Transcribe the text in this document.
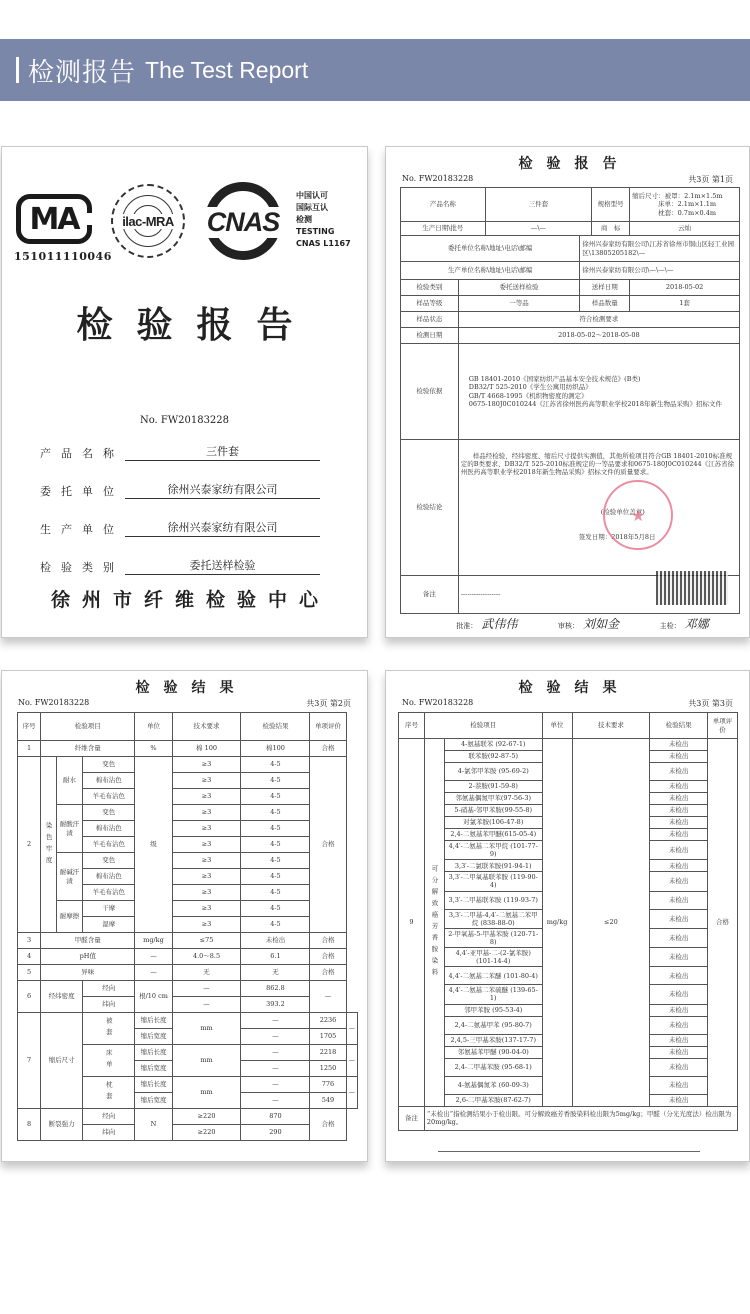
检测报告 The Test Report
MA
151011110046
ilac-MRA CNAS
中国认可
国际互认
检测
TESTING
CNAS L1167
检验报告
No. FW20183228
产品名称	三件套
委托单位	徐州兴泰家纺有限公司
生产单位	徐州兴泰家纺有限公司
检验类别	委托送样检验
徐州市纤维检验中心
检验报告
No. FW20183228	共3页 第1页
产品名称		三件套		规格型号	缩后尺寸：被罩：2.1m×1.5m
床单：2.1m×1.1m
枕套：0.7m×0.4m

生产日期\批号		—\—		商　标	云灿
委托单位名称\地址\电话\邮编			徐州兴泰家纺有限公司\江苏省徐州市铜山区轻工业园区\13805205182\—		
生产单位名称\地址\电话\邮编			徐州兴泰家纺有限公司\—\—\—		
检验类别	委托送样检验		送样日期		2018-05-02
样品等级	一等品		样品数量		1套
样品状态	符合检测要求				
检测日期	2018-05-02～2018-05-08				
检验依据	GB 18401-2010《国家纺织产品基本安全技术规范》(B类)
DB32/T 525-2010《学生公寓用纺织品》
GB/T 4668-1995《机织物密度的测定》
0675-180J0C010244《江苏省徐州医药高等职业学校2018年新生物品采购》招标文件				

检验结论	样品经检验，经纬密度、缩后尺寸提供实测值，其他所检项目符合GB 18401-2010标准规定的B类要求、DB32/T 525-2010标准规定的一等品要求和0675-180J0C010244《江苏省徐州医药高等职业学校2018年新生物品采购》招标文件的质量要求。
(检验单位盖章)
签发日期：2018年5月8日				

备注	------------------				
★
批准： 武伟伟	审核： 刘如金	主检： 邓娜
检验结果
No. FW20183228	共3页 第2页
序号	检验项目			单位	技术要求	检验结果	单项评价	
1	纤维含量			%	棉 100	棉100	合格	
2	染色牢度	耐水	变色	级	≥3	4-5	合格	
			棉布沾色		≥3	4-5		
			羊毛布沾色		≥3	4-5		
		耐酸汗渍	变色		≥3	4-5		
			棉布沾色		≥3	4-5		
			羊毛布沾色		≥3	4-5		
		耐碱汗渍	变色		≥3	4-5		
			棉布沾色		≥3	4-5		
			羊毛布沾色		≥3	4-5		
		耐摩擦	干摩		≥3	4-5		
			湿摩		≥3	4-5		
3	甲醛含量			mg/kg	≤75	未检出	合格	
4	pH值			—	4.0～8.5	6.1	合格	
5	异味			—	无	无	合格	
6	经纬密度		经向	根/10 cm	—	862.8	—	
			纬向		—	393.2		
7	缩后尺寸		被套	缩后长度	mm	—	2236	—
				缩后宽度		—	1705	

			床单	缩后长度	mm	—	2218	—
				缩后宽度		—	1250	

			枕套	缩后长度	mm	—	776	—
				缩后宽度		—	549	
8	断裂强力		经向	N	≥220	870	合格	
			纬向		≥220	290		
检验结果
No. FW20183228	共3页 第3页
序号	检验项目		单位	技术要求	检验结果	单项评价
9	可分解致癌芳香胺染料	4-氨基联苯 (92-67-1)	mg/kg	≤20	未检出	合格
		联苯胺(92-87-5)			未检出	
		4-氯邻甲苯胺 (95-69-2)			未检出	
		2-萘胺(91-59-8)			未检出	
		邻氨基偶氮甲苯(97-56-3)			未检出	
		5-硝基-邻甲苯胺(99-55-8)			未检出	
		对氯苯胺(106-47-8)			未检出	
		2,4-二氨基苯甲醚(615-05-4)			未检出	
		4,4′-二氨基二苯甲烷 (101-77-9)			未检出	
		3,3′-二氯联苯胺(91-94-1)			未检出	
		3,3′-二甲氧基联苯胺 (119-90-4)			未检出	
		3,3′-二甲基联苯胺 (119-93-7)			未检出	
		3,3′-二甲基-4,4′-二氨基二苯甲烷 (838-88-0)			未检出	
		2-甲氧基-5-甲基苯胺 (120-71-8)			未检出	
		4,4′-亚甲基-二-(2-氯苯胺) (101-14-4)			未检出	
		4,4′-二氨基二苯醚 (101-80-4)			未检出	
		4,4′-二氨基二苯硫醚 (139-65-1)			未检出	
		邻甲苯胺 (95-53-4)			未检出	
		2,4-二氨基甲苯 (95-80-7)			未检出	
		2,4,5-三甲基苯胺(137-17-7)			未检出	
		邻氨基苯甲醚 (90-04-0)			未检出	
		2,4-二甲基苯胺 (95-68-1)			未检出	
		4-氨基偶氮苯 (60-09-3)			未检出	
		2,6-二甲基苯胺(87-62-7)			未检出	
备注	“未检出”指检测结果小于检出限。可分解致癌芳香胺染料检出限为5mg/kg；甲醛（分光光度法）检出限为20mg/kg。					
